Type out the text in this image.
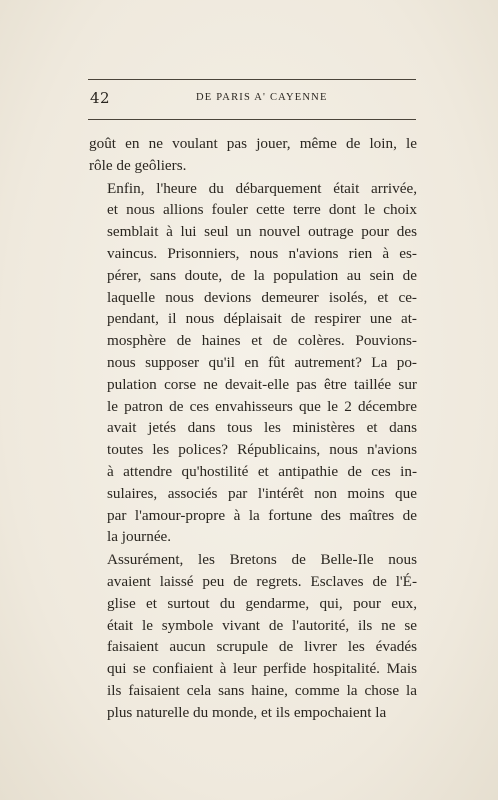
42	DE PARIS A' CAYENNE

goût en ne voulant pas jouer, même de loin, le
rôle de geôliers.

Enfin, l'heure du débarquement était arrivée,
et nous allions fouler cette terre dont le choix
semblait à lui seul un nouvel outrage pour des
vaincus. Prisonniers, nous n'avions rien à es-
pérer, sans doute, de la population au sein de
laquelle nous devions demeurer isolés, et ce-
pendant, il nous déplaisait de respirer une at-
mosphère de haines et de colères. Pouvions-
nous supposer qu'il en fût autrement? La po-
pulation corse ne devait-elle pas être taillée sur
le patron de ces envahisseurs que le 2 décembre
avait jetés dans tous les ministères et dans
toutes les polices? Républicains, nous n'avions
à attendre qu'hostilité et antipathie de ces in-
sulaires, associés par l'intérêt non moins que
par l'amour-propre à la fortune des maîtres de
la journée.

Assurément, les Bretons de Belle-Ile nous
avaient laissé peu de regrets. Esclaves de l'É-
glise et surtout du gendarme, qui, pour eux,
était le symbole vivant de l'autorité, ils ne se
faisaient aucun scrupule de livrer les évadés
qui se confiaient à leur perfide hospitalité. Mais
ils faisaient cela sans haine, comme la chose la
plus naturelle du monde, et ils empochaient la
